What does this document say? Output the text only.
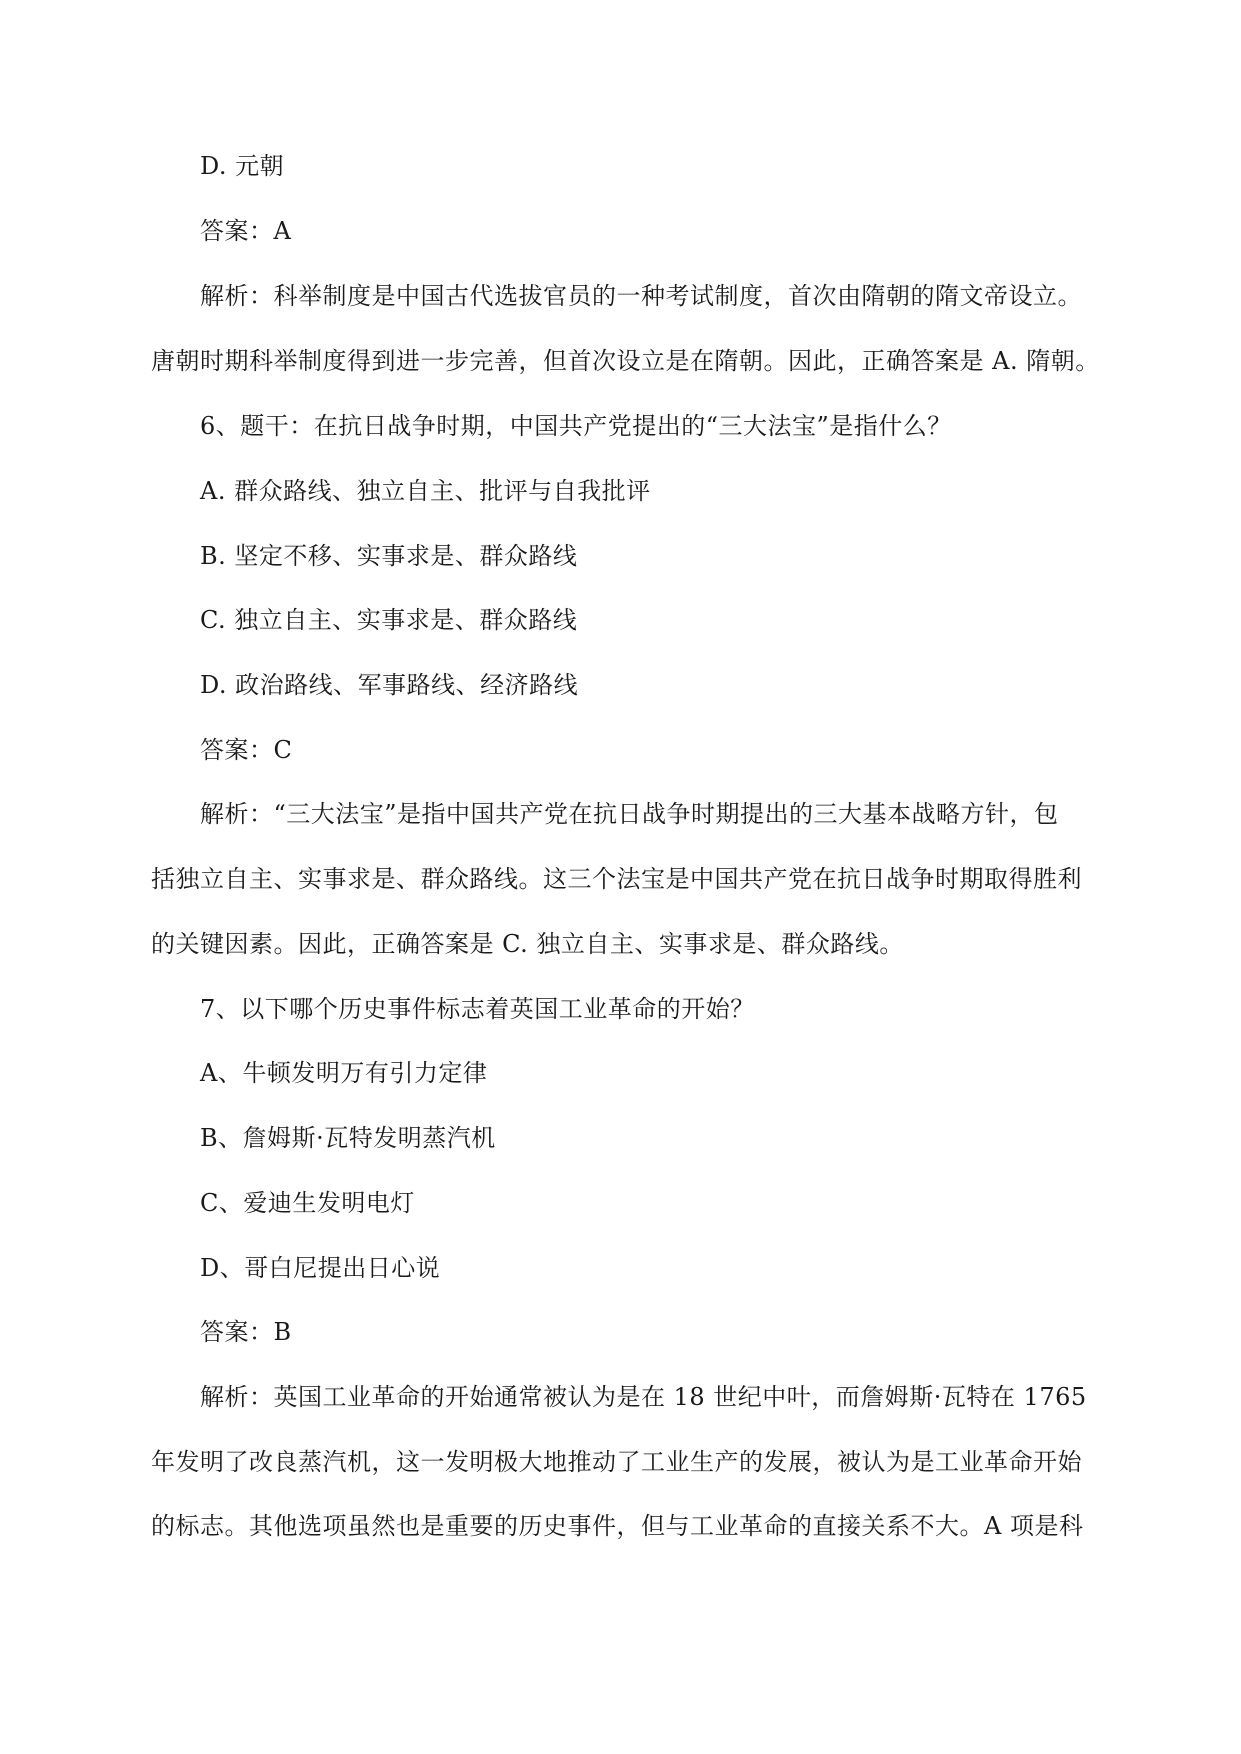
D. 元朝
答案：A
解析：科举制度是中国古代选拔官员的一种考试制度，首次由隋朝的隋文帝设立。
唐朝时期科举制度得到进一步完善，但首次设立是在隋朝。因此，正确答案是 A. 隋朝。
6、题干：在抗日战争时期，中国共产党提出的“三大法宝”是指什么？
A. 群众路线、独立自主、批评与自我批评
B. 坚定不移、实事求是、群众路线
C. 独立自主、实事求是、群众路线
D. 政治路线、军事路线、经济路线
答案：C
解析：“三大法宝”是指中国共产党在抗日战争时期提出的三大基本战略方针，包
括独立自主、实事求是、群众路线。这三个法宝是中国共产党在抗日战争时期取得胜利
的关键因素。因此，正确答案是 C. 独立自主、实事求是、群众路线。
7、以下哪个历史事件标志着英国工业革命的开始？
A、牛顿发明万有引力定律
B、詹姆斯·瓦特发明蒸汽机
C、爱迪生发明电灯
D、哥白尼提出日心说
答案：B
解析：英国工业革命的开始通常被认为是在 18 世纪中叶，而詹姆斯·瓦特在 1765
年发明了改良蒸汽机，这一发明极大地推动了工业生产的发展，被认为是工业革命开始
的标志。其他选项虽然也是重要的历史事件，但与工业革命的直接关系不大。A 项是科
